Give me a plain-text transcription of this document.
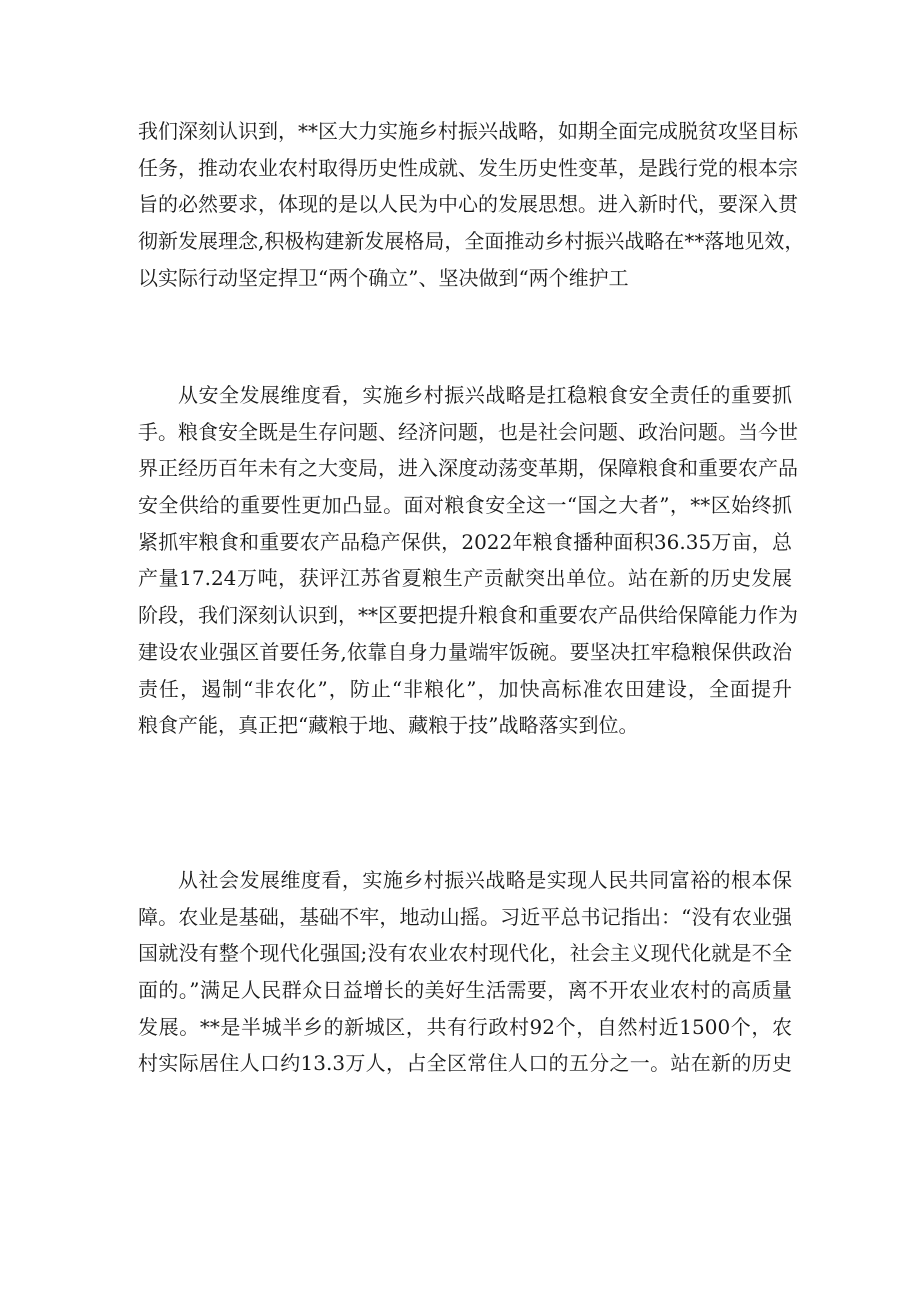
我们深刻认识到，**区大力实施乡村振兴战略，如期全面完成脱贫攻坚目标
任务，推动农业农村取得历史性成就、发生历史性变革，是践行党的根本宗
旨的必然要求，体现的是以人民为中心的发展思想。进入新时代，要深入贯
彻新发展理念,积极构建新发展格局，全面推动乡村振兴战略在**落地见效，
以实际行动坚定捍卫“两个确立”、坚决做到“两个维护工
从安全发展维度看，实施乡村振兴战略是扛稳粮食安全责任的重要抓
手。粮食安全既是生存问题、经济问题，也是社会问题、政治问题。当今世
界正经历百年未有之大变局，进入深度动荡变革期，保障粮食和重要农产品
安全供给的重要性更加凸显。面对粮食安全这一“国之大者”，**区始终抓
紧抓牢粮食和重要农产品稳产保供，2022年粮食播种面积36.35万亩，总
产量17.24万吨，获评江苏省夏粮生产贡献突出单位。站在新的历史发展
阶段，我们深刻认识到，**区要把提升粮食和重要农产品供给保障能力作为
建设农业强区首要任务,依靠自身力量端牢饭碗。要坚决扛牢稳粮保供政治
责任，遏制“非农化”，防止“非粮化”，加快高标准农田建设，全面提升
粮食产能，真正把“藏粮于地、藏粮于技”战略落实到位。
从社会发展维度看，实施乡村振兴战略是实现人民共同富裕的根本保
障。农业是基础，基础不牢，地动山摇。习近平总书记指出：“没有农业强
国就没有整个现代化强国;没有农业农村现代化，社会主义现代化就是不全
面的。”满足人民群众日益增长的美好生活需要，离不开农业农村的高质量
发展。**是半城半乡的新城区，共有行政村92个，自然村近1500个，农
村实际居住人口约13.3万人，占全区常住人口的五分之一。站在新的历史
